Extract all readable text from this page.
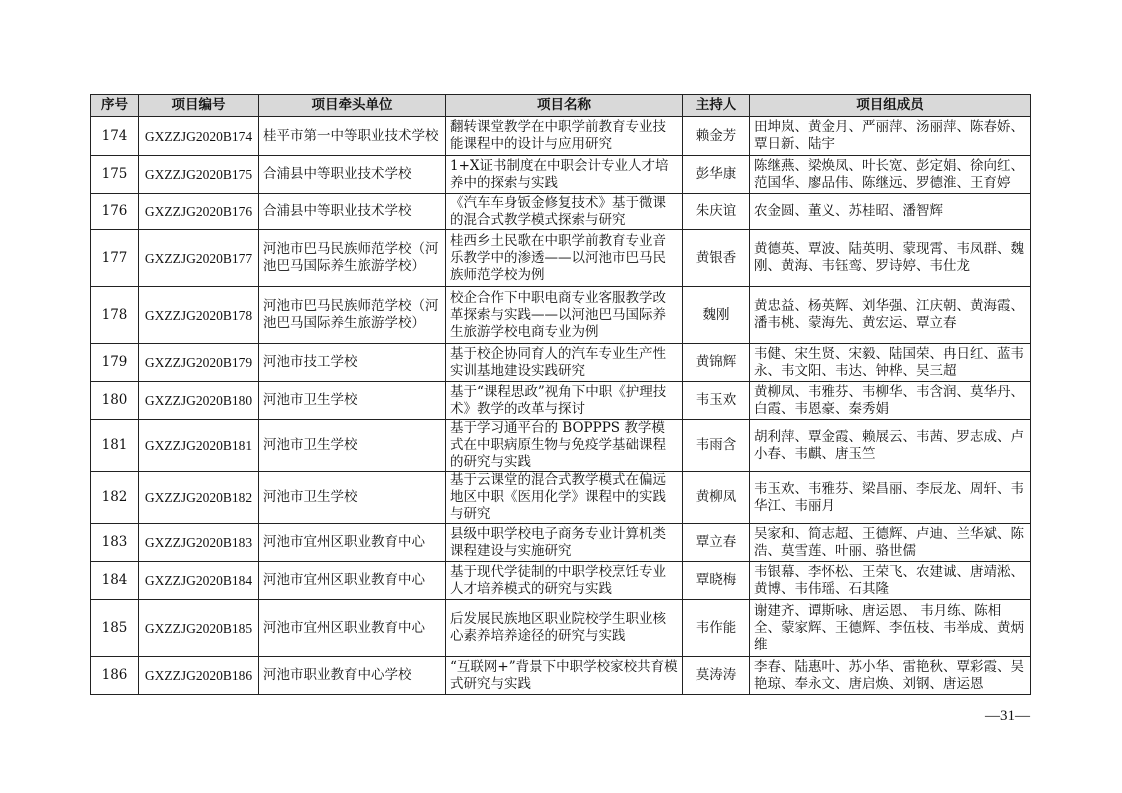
序号	项目编号	项目牵头单位	项目名称	主持人	项目组成员
174	GXZZJG2020B174	桂平市第一中等职业技术学校	翻转课堂教学在中职学前教育专业技能课程中的设计与应用研究	赖金芳	田坤岚、黄金月、严丽萍、汤丽萍、陈春娇、覃日新、陆宇
175	GXZZJG2020B175	合浦县中等职业技术学校	1+X证书制度在中职会计专业人才培养中的探索与实践	彭华康	陈继燕、梁焕凤、叶长宽、彭定娟、徐向红、范国华、廖品伟、陈继远、罗德淮、王育婷
176	GXZZJG2020B176	合浦县中等职业技术学校	《汽车车身钣金修复技术》基于微课的混合式教学模式探索与研究	朱庆谊	农金圆、董义、苏桂昭、潘智辉
177	GXZZJG2020B177	河池市巴马民族师范学校（河池巴马国际养生旅游学校）	桂西乡土民歌在中职学前教育专业音乐教学中的渗透——以河池市巴马民族师范学校为例	黄银香	黄德英、覃波、陆英明、蒙现霄、韦凤群、魏刚、黄海、韦钰鸾、罗诗婷、韦仕龙
178	GXZZJG2020B178	河池市巴马民族师范学校（河池巴马国际养生旅游学校）	校企合作下中职电商专业客服教学改革探索与实践——以河池巴马国际养生旅游学校电商专业为例	魏刚	黄忠益、杨英辉、刘华强、江庆朝、黄海霞、潘韦桃、蒙海先、黄宏运、覃立春
179	GXZZJG2020B179	河池市技工学校	基于校企协同育人的汽车专业生产性实训基地建设实践研究	黄锦辉	韦健、宋生贤、宋毅、陆国荣、冉日红、蓝韦永、韦文阳、韦达、钟桦、吴三超
180	GXZZJG2020B180	河池市卫生学校	基于“课程思政”视角下中职《护理技术》教学的改革与探讨	韦玉欢	黄柳凤、韦雅芬、韦柳华、韦含润、莫华丹、白霞、韦恩豪、秦秀娟
181	GXZZJG2020B181	河池市卫生学校	基于学习通平台的 BOPPPS 教学模式在中职病原生物与免疫学基础课程的研究与实践	韦雨含	胡利萍、覃金霞、赖展云、韦茜、罗志成、卢小春、韦麒、唐玉竺
182	GXZZJG2020B182	河池市卫生学校	基于云课堂的混合式教学模式在偏远地区中职《医用化学》课程中的实践与研究	黄柳凤	韦玉欢、韦雅芬、梁昌丽、李辰龙、周轩、韦华江、韦丽月
183	GXZZJG2020B183	河池市宜州区职业教育中心	县级中职学校电子商务专业计算机类课程建设与实施研究	覃立春	吴家和、简志超、王德辉、卢迪、兰华斌、陈浩、莫雪莲、叶丽、骆世儒
184	GXZZJG2020B184	河池市宜州区职业教育中心	基于现代学徒制的中职学校烹饪专业人才培养模式的研究与实践	覃晓梅	韦银幕、李怀松、王荣飞、农建诚、唐靖淞、黄博、韦伟瑶、石其隆
185	GXZZJG2020B185	河池市宜州区职业教育中心	后发展民族地区职业院校学生职业核心素养培养途径的研究与实践	韦作能	谢建齐、谭斯咏、唐运恩、 韦月练、陈相全、蒙家辉、王德辉、李伍枝、韦举成、黄炳维
186	GXZZJG2020B186	河池市职业教育中心学校	“互联网+”背景下中职学校家校共育模式研究与实践	莫涛涛	李春、陆惠叶、苏小华、雷艳秋、覃彩霞、吴艳琼、奉永文、唐启焕、刘钢、唐运恩
—31—
